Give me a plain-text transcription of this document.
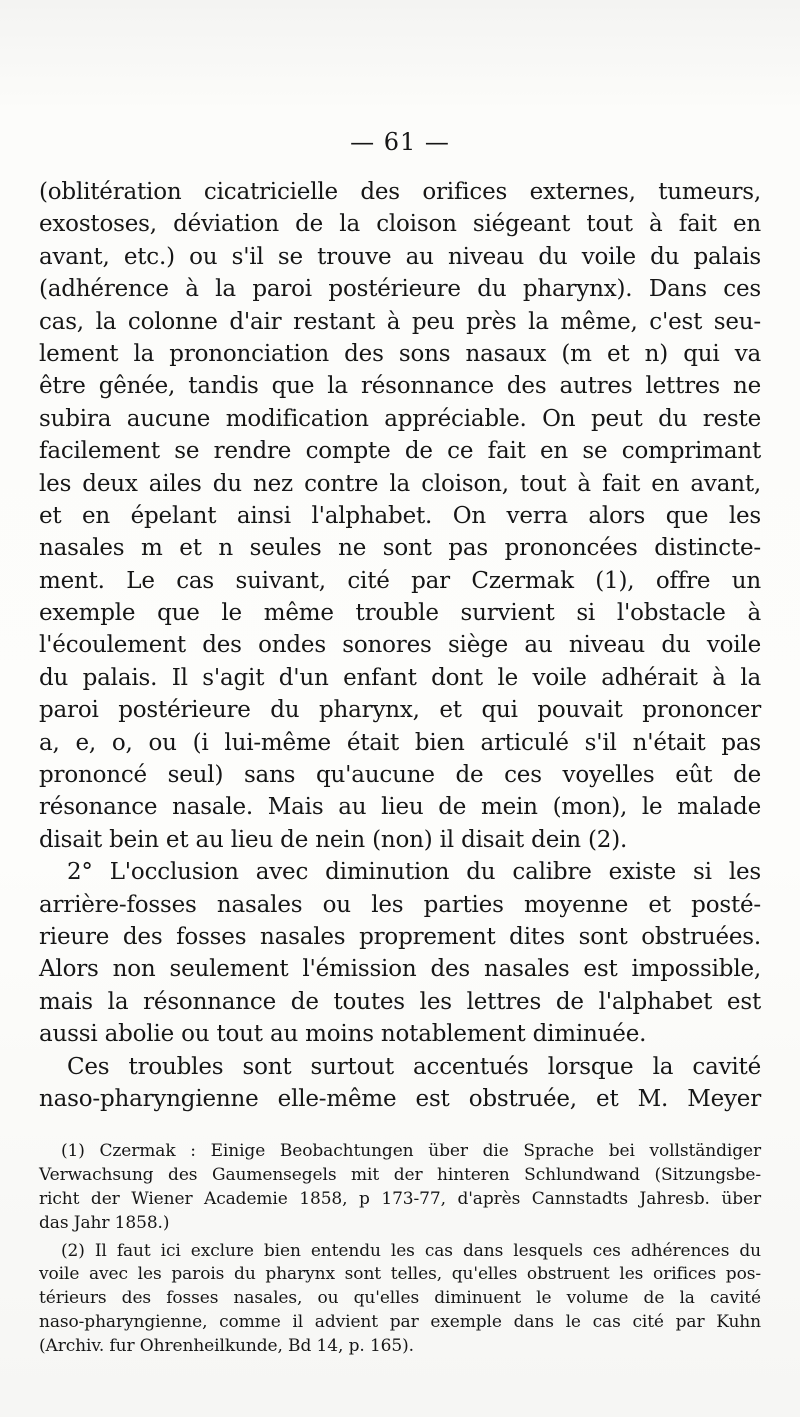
— 61 —
(oblitération cicatricielle des orifices externes, tumeurs,
exostoses, déviation de la cloison siégeant tout à fait en
avant, etc.) ou s'il se trouve au niveau du voile du palais
(adhérence à la paroi postérieure du pharynx). Dans ces
cas, la colonne d'air restant à peu près la même, c'est seu-
lement la prononciation des sons nasaux (m et n) qui va
être gênée, tandis que la résonnance des autres lettres ne
subira aucune modification appréciable. On peut du reste
facilement se rendre compte de ce fait en se comprimant
les deux ailes du nez contre la cloison, tout à fait en avant,
et en épelant ainsi l'alphabet. On verra alors que les
nasales m et n seules ne sont pas prononcées distincte-
ment. Le cas suivant, cité par Czermak (1), offre un
exemple que le même trouble survient si l'obstacle à
l'écoulement des ondes sonores siège au niveau du voile
du palais. Il s'agit d'un enfant dont le voile adhérait à la
paroi postérieure du pharynx, et qui pouvait prononcer
a, e, o, ou (i lui-même était bien articulé s'il n'était pas
prononcé seul) sans qu'aucune de ces voyelles eût de
résonance nasale. Mais au lieu de mein (mon), le malade
disait bein et au lieu de nein (non) il disait dein (2).
2° L'occlusion avec diminution du calibre existe si les
arrière-fosses nasales ou les parties moyenne et posté-
rieure des fosses nasales proprement dites sont obstruées.
Alors non seulement l'émission des nasales est impossible,
mais la résonnance de toutes les lettres de l'alphabet est
aussi abolie ou tout au moins notablement diminuée.
Ces troubles sont surtout accentués lorsque la cavité
naso-pharyngienne elle-même est obstruée, et M. Meyer
(1) Czermak : Einige Beobachtungen über die Sprache bei vollständiger
Verwachsung des Gaumensegels mit der hinteren Schlundwand (Sitzungsbe-
richt der Wiener Academie 1858, p 173-77, d'après Cannstadts Jahresb. über
das Jahr 1858.)
(2) Il faut ici exclure bien entendu les cas dans lesquels ces adhérences du
voile avec les parois du pharynx sont telles, qu'elles obstruent les orifices pos-
térieurs des fosses nasales, ou qu'elles diminuent le volume de la cavité
naso-pharyngienne, comme il advient par exemple dans le cas cité par Kuhn
(Archiv. fur Ohrenheilkunde, Bd 14, p. 165).
